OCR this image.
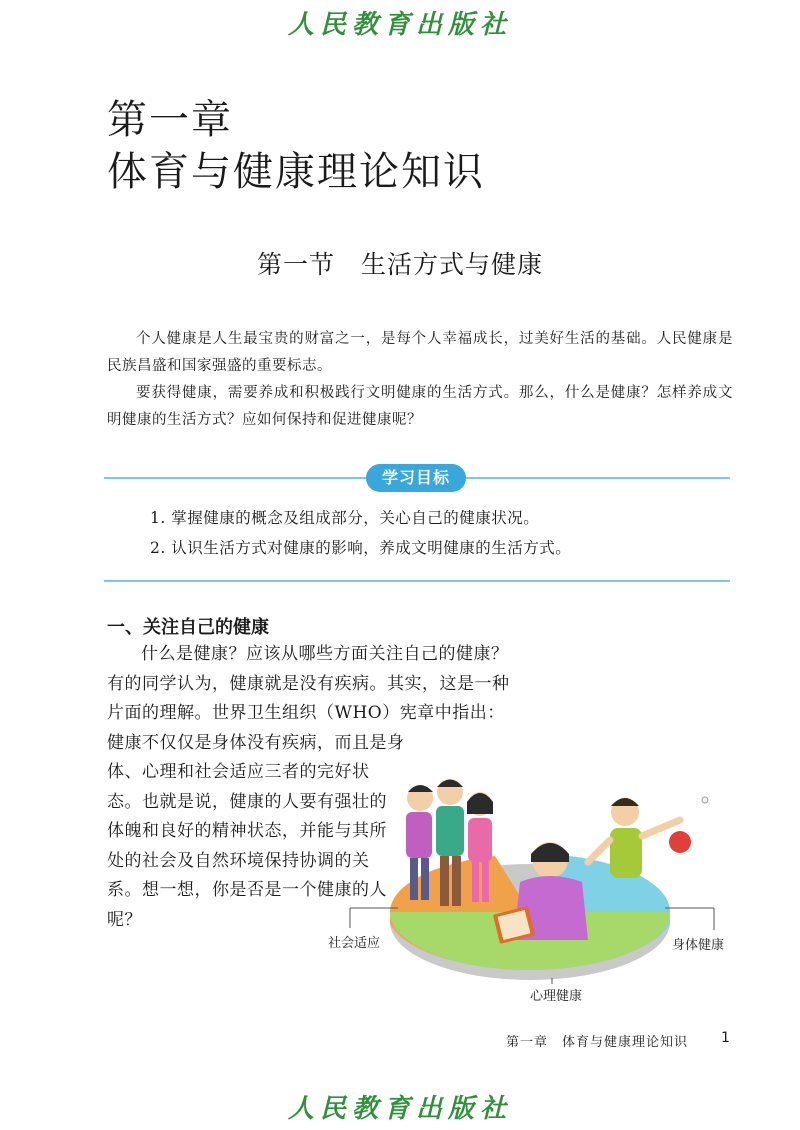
人民教育出版社
第一章
体育与健康理论知识
第一节　生活方式与健康

个人健康是人生最宝贵的财富之一，是每个人幸福成长，过美好生活的基础。人民健康是民族昌盛和国家强盛的重要标志。

要获得健康，需要养成和积极践行文明健康的生活方式。那么，什么是健康？怎样养成文明健康的生活方式？应如何保持和促进健康呢？

学习目标
1. 掌握健康的概念及组成部分，关心自己的健康状况。
2. 认识生活方式对健康的影响，养成文明健康的生活方式。
一、关注自己的健康

什么是健康？应该从哪些方面关注自己的健康？有的同学认为，健康就是没有疾病。其实，这是一种片面的理解。世界卫生组织（WHO）宪章中指出：健康不仅仅是身体没有疾病，而且是身

体、心理和社会适应三者的完好状态。也就是说，健康的人要有强壮的体魄和良好的精神状态，并能与其所处的社会及自然环境保持协调的关系。想一想，你是否是一个健康的人呢？

社会适应
心理健康
身体健康
第一章　体育与健康理论知识 1
人民教育出版社
